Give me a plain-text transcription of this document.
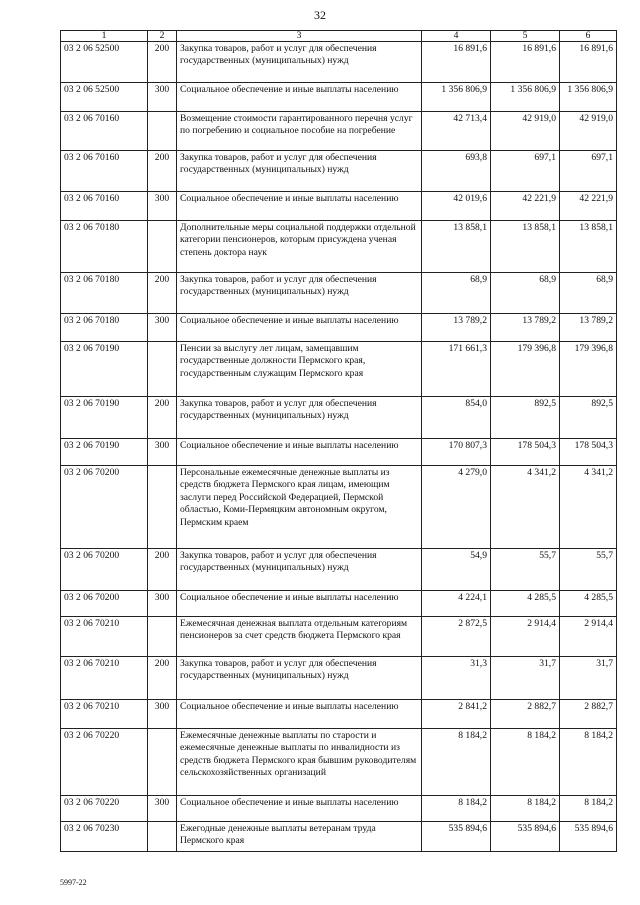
32
1	2	3	4	5	6
03 2 06 52500	200	Закупка товаров, работ и услуг для обеспечения государственных (муниципальных) нужд	16 891,6	16 891,6	16 891,6
03 2 06 52500	300	Социальное обеспечение и иные выплаты населению	1 356 806,9	1 356 806,9	1 356 806,9
03 2 06 70160		Возмещение стоимости гарантированного перечня услуг по погребению и социальное пособие на погребение	42 713,4	42 919,0	42 919,0
03 2 06 70160	200	Закупка товаров, работ и услуг для обеспечения государственных (муниципальных) нужд	693,8	697,1	697,1
03 2 06 70160	300	Социальное обеспечение и иные выплаты населению	42 019,6	42 221,9	42 221,9
03 2 06 70180		Дополнительные меры социальной поддержки отдельной категории пенсионеров, которым присуждена ученая степень доктора наук	13 858,1	13 858,1	13 858,1
03 2 06 70180	200	Закупка товаров, работ и услуг для обеспечения государственных (муниципальных) нужд	68,9	68,9	68,9
03 2 06 70180	300	Социальное обеспечение и иные выплаты населению	13 789,2	13 789,2	13 789,2
03 2 06 70190		Пенсии за выслугу лет лицам, замещавшим государственные должности Пермского края, государственным служащим Пермского края	171 661,3	179 396,8	179 396,8
03 2 06 70190	200	Закупка товаров, работ и услуг для обеспечения государственных (муниципальных) нужд	854,0	892,5	892,5
03 2 06 70190	300	Социальное обеспечение и иные выплаты населению	170 807,3	178 504,3	178 504,3
03 2 06 70200		Персональные ежемесячные денежные выплаты из средств бюджета Пермского края лицам, имеющим заслуги перед Российской Федерацией, Пермской областью, Коми-Пермяцким автономным округом, Пермским краем	4 279,0	4 341,2	4 341,2
03 2 06 70200	200	Закупка товаров, работ и услуг для обеспечения государственных (муниципальных) нужд	54,9	55,7	55,7
03 2 06 70200	300	Социальное обеспечение и иные выплаты населению	4 224,1	4 285,5	4 285,5
03 2 06 70210		Ежемесячная денежная выплата отдельным категориям пенсионеров за счет средств бюджета Пермского края	2 872,5	2 914,4	2 914,4
03 2 06 70210	200	Закупка товаров, работ и услуг для обеспечения государственных (муниципальных) нужд	31,3	31,7	31,7
03 2 06 70210	300	Социальное обеспечение и иные выплаты населению	2 841,2	2 882,7	2 882,7
03 2 06 70220		Ежемесячные денежные выплаты по старости и ежемесячные денежные выплаты по инвалидности из средств бюджета Пермского края бывшим руководителям сельскохозяйственных организаций	8 184,2	8 184,2	8 184,2
03 2 06 70220	300	Социальное обеспечение и иные выплаты населению	8 184,2	8 184,2	8 184,2
03 2 06 70230		Ежегодные денежные выплаты ветеранам труда Пермского края	535 894,6	535 894,6	535 894,6
5997-22
